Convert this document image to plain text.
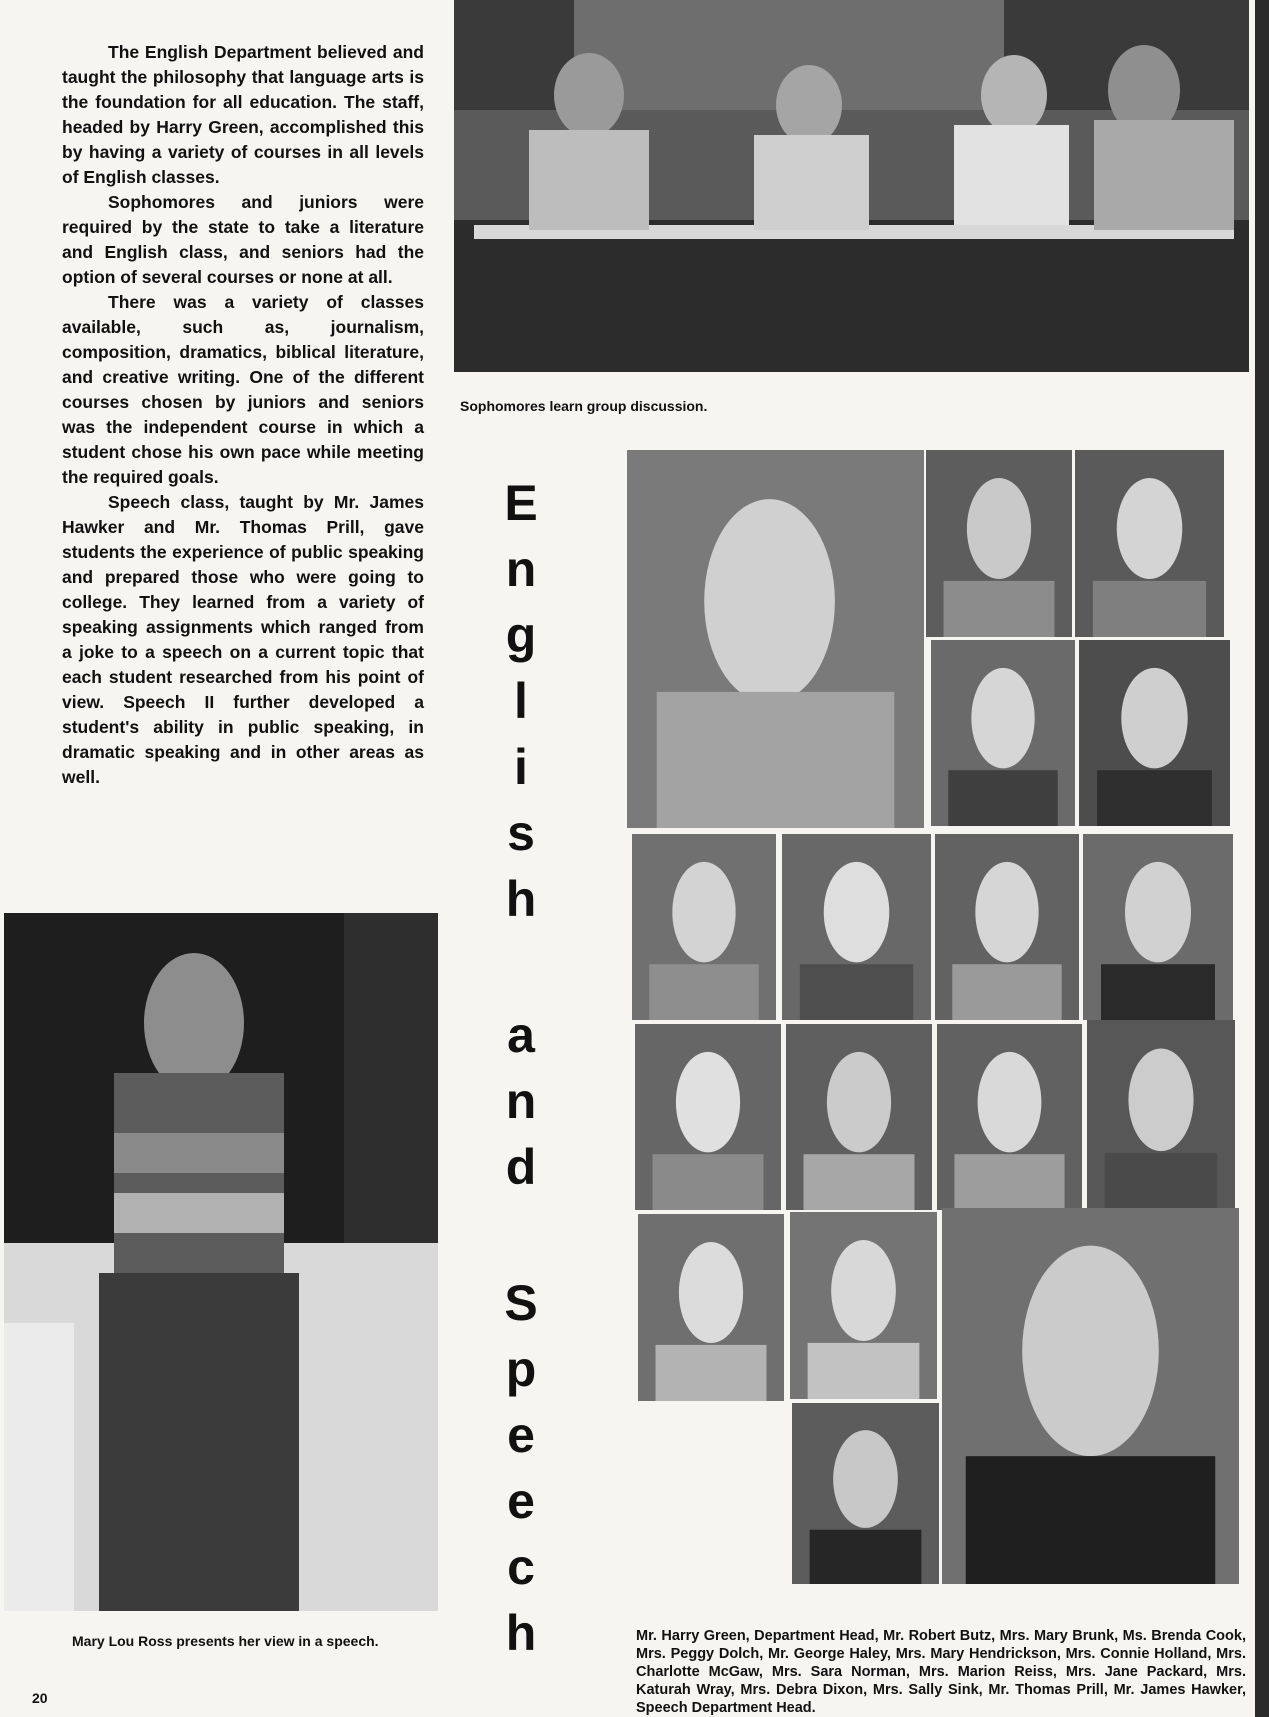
The English Department believed and taught the philosophy that language arts is the foundation for all education. The staff, headed by Harry Green, accomplished this by having a variety of courses in all levels of English classes.

Sophomores and juniors were required by the state to take a literature and English class, and seniors had the option of several courses or none at all.

There was a variety of classes available, such as, journalism, composition, dramatics, biblical literature, and creative writing. One of the different courses chosen by juniors and seniors was the independent course in which a student chose his own pace while meeting the required goals.

Speech class, taught by Mr. James Hawker and Mr. Thomas Prill, gave students the experience of public speaking and prepared those who were going to college. They learned from a variety of speaking assignments which ranged from a joke to a speech on a current topic that each student researched from his point of view. Speech II further developed a student's ability in public speaking, in dramatic speaking and in other areas as well.

Sophomores learn group discussion.
Mary Lou Ross presents her view in a speech.
E
n
g
l
i
s
h
a
n
d
S
p
e
e
c
h	Mr. Harry Green, Department Head, Mr. Robert Butz, Mrs. Mary Brunk, Ms. Brenda Cook, Mrs. Peggy Dolch, Mr. George Haley, Mrs. Mary Hendrickson, Mrs. Connie Holland, Mrs. Charlotte McGaw, Mrs. Sara Norman, Mrs. Marion Reiss, Mrs. Jane Packard, Mrs. Katurah Wray, Mrs. Debra Dixon, Mrs. Sally Sink, Mr. Thomas Prill, Mr. James Hawker, Speech Department Head.
20
